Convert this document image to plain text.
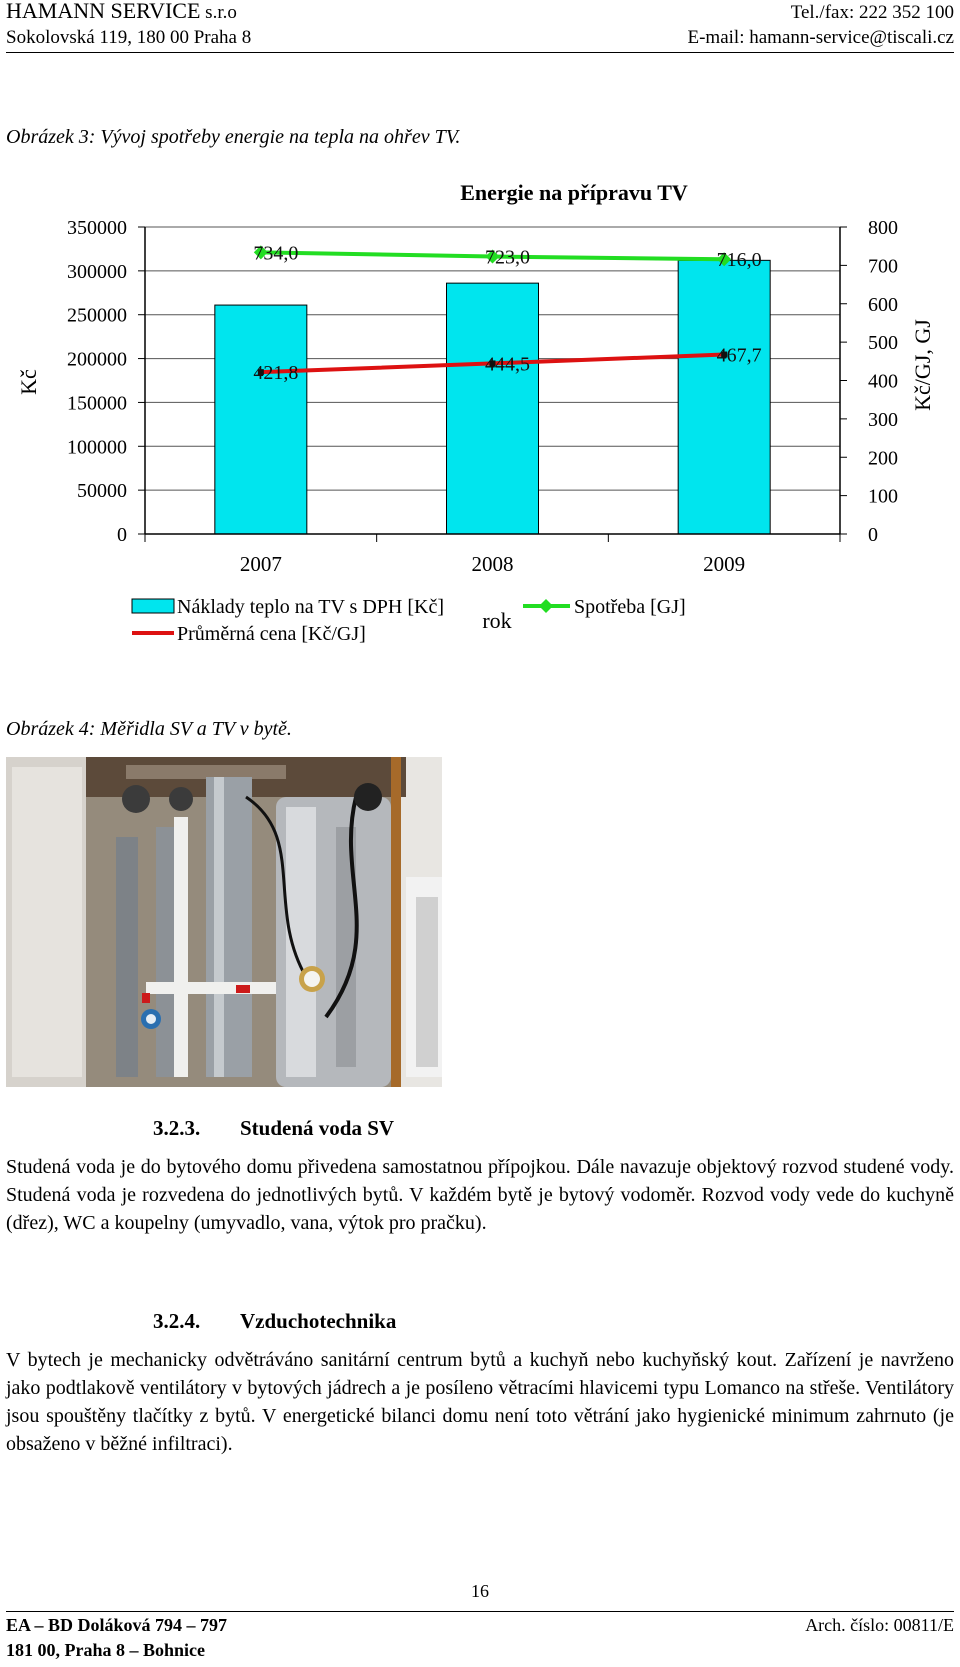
HAMANN SERVICE s.r.o
Sokolovská 119, 180 00 Praha 8
Tel./fax: 222 352 100
E-mail: hamann-service@tiscali.cz
Obrázek 3: Vývoj spotřeby energie na tepla na ohřev TV.
Energie na přípravu TV
734,0	723,0	716,0
421,8	444,5	467,7
0
50000
100000
150000
200000
250000
300000
350000
0
100
200
300
400
500
600
700
800
2007	2008	2009
Kč	Kč/GJ, GJ
rok
Náklady teplo na TV s DPH [Kč]	Spotřeba [GJ]
Průměrná cena [Kč/GJ]
Obrázek 4: Měřidla SV a TV v bytě.
3.2.3. Studená voda SV

Studená voda je do bytového domu přivedena samostatnou přípojkou. Dále navazuje objektový rozvod studené vody. Studená voda je rozvedena do jednotlivých bytů. V každém bytě je bytový vodoměr. Rozvod vody vede do kuchyně (dřez), WC a koupelny (umyvadlo, vana, výtok pro pračku).

3.2.4. Vzduchotechnika

V bytech je mechanicky odvětráváno sanitární centrum bytů a kuchyň nebo kuchyňský kout. Zařízení je navrženo jako podtlakově ventilátory v bytových jádrech a je posíleno větracími hlavicemi typu Lomanco na střeše. Ventilátory jsou spouštěny tlačítky z bytů. V energetické bilanci domu není toto větrání jako hygienické minimum zahrnuto (je obsaženo v běžné infiltraci).

16
EA – BD Doláková 794 – 797
181 00, Praha 8 – Bohnice
Arch. číslo: 00811/E
